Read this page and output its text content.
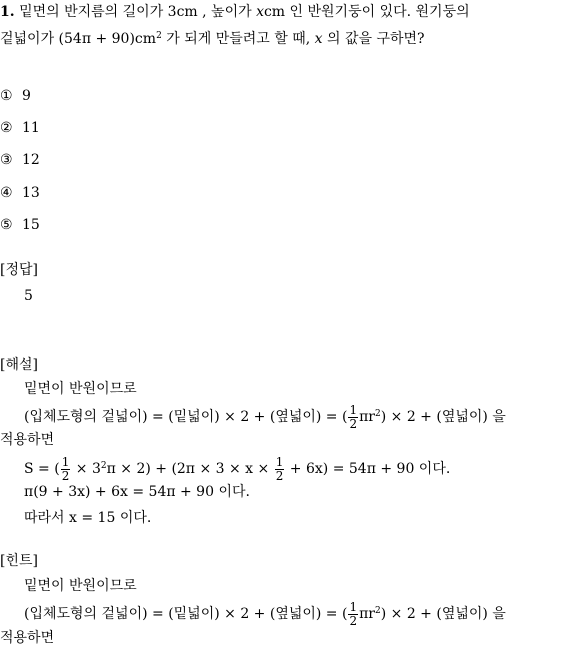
1. 밑면의 반지름의 길이가 3cm , 높이가 𝑥cm 인 반원기둥이 있다. 원기둥의
겉넓이가 $(54\pi + 90)cm^2$ 가 되게 만들려고 할 때, 𝑥 의 값을 구하면?
① 9
② 11
③ 12
④ 13
⑤ 15
[정답]
5
[해설]
밑면이 반원이므로
(입체도형의 겉넓이) = (밑넓이) × 2 + (옆넓이) = ( $\frac{1}{2} \pi r^2) \times 2$ + (옆넓이) 을
적용하면
S = ( $\frac{1}{2} \times 3^2\pi \times 2) + (2\pi \times 3 \times x \times \frac{1}{2} + 6x) = 54\pi + 90$ 이다.
π(9 + 3x) + 6x = 54π + 90 이다.
따라서 x = 15 이다.
[힌트]
밑면이 반원이므로
(입체도형의 겉넓이) = (밑넓이) × 2 + (옆넓이) = ( $\frac{1}{2} \pi r^2) \times 2$ + (옆넓이) 을
적용하면
